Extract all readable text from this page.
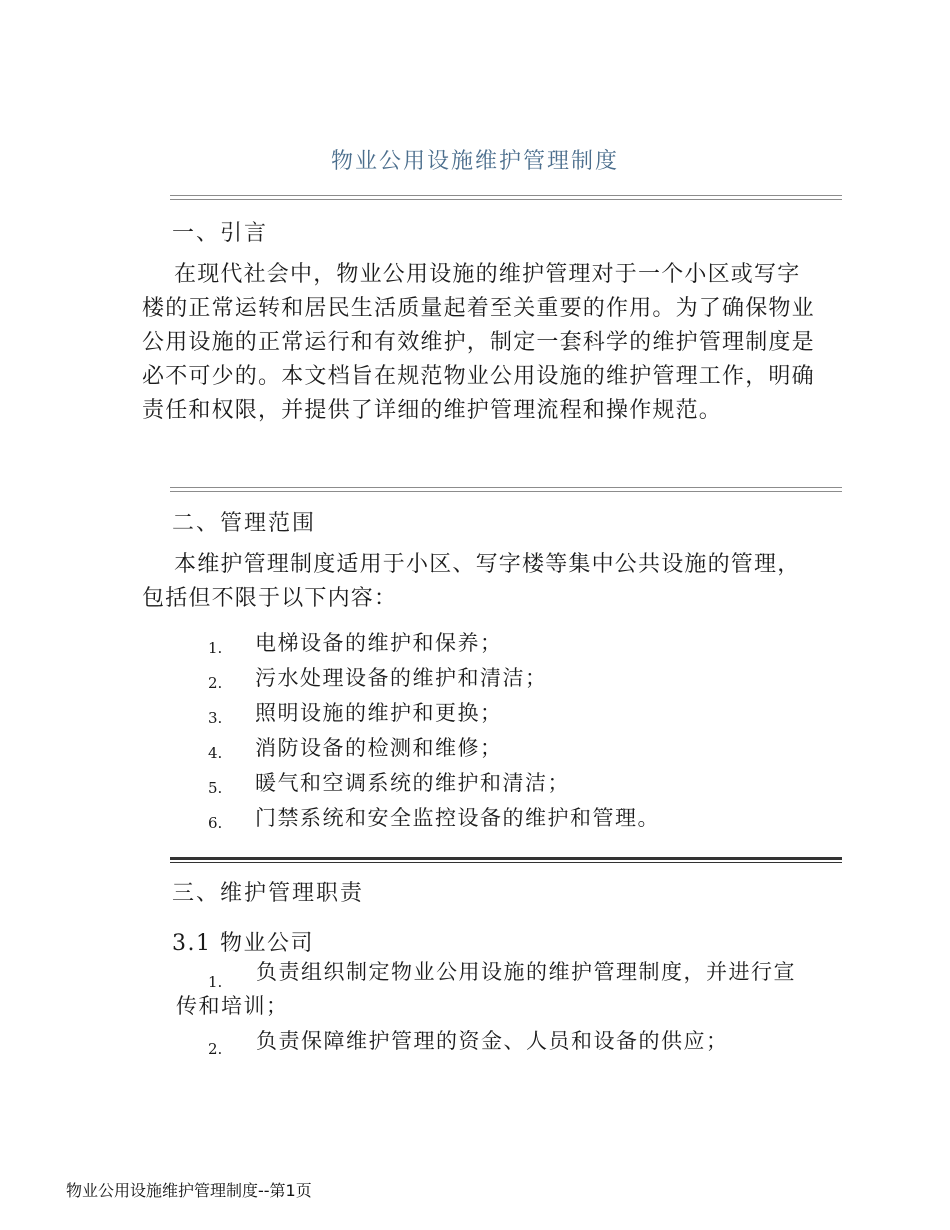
物业公用设施维护管理制度
一、引言

在现代社会中，物业公用设施的维护管理对于一个小区或写字楼的正常运转和居民生活质量起着至关重要的作用。为了确保物业公用设施的正常运行和有效维护，制定一套科学的维护管理制度是必不可少的。本文档旨在规范物业公用设施的维护管理工作，明确责任和权限，并提供了详细的维护管理流程和操作规范。

二、管理范围

本维护管理制度适用于小区、写字楼等集中公共设施的管理，包括但不限于以下内容：

1. 电梯设备的维护和保养；
2. 污水处理设备的维护和清洁；
3. 照明设施的维护和更换；
4. 消防设备的检测和维修；
5. 暖气和空调系统的维护和清洁；
6. 门禁系统和安全监控设备的维护和管理。
三、维护管理职责
3.1 物业公司
1.	负责组织制定物业公用设施的维护管理制度，并进行宣传和培训；

2.	负责保障维护管理的资金、人员和设备的供应；

物业公用设施维护管理制度--第1页
